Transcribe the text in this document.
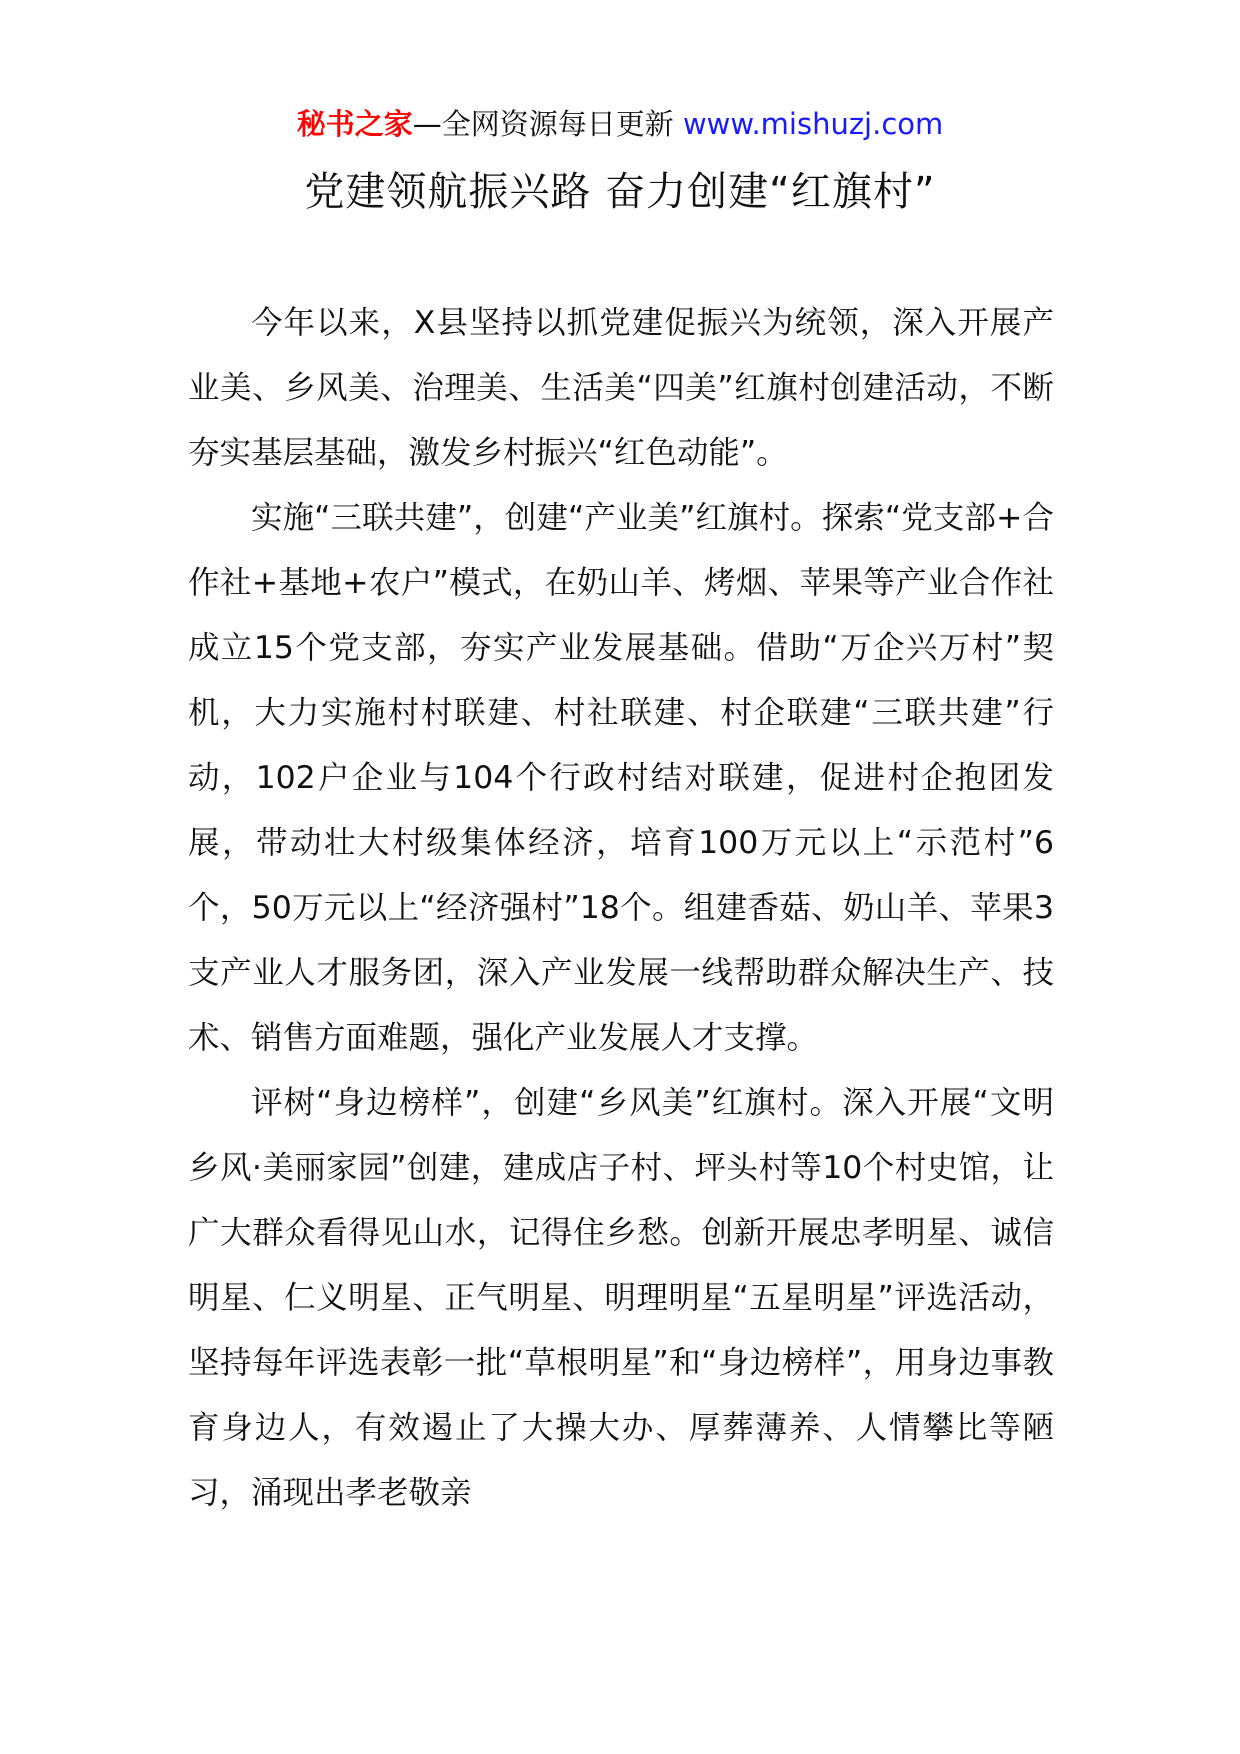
秘书之家—全网资源每日更新 www.mishuzj.com
党建领航振兴路 奋力创建“红旗村”

今年以来，X县坚持以抓党建促振兴为统领，深入开展产业美、乡风美、治理美、生活美“四美”红旗村创建活动，不断夯实基层基础，激发乡村振兴“红色动能”。

实施“三联共建”，创建“产业美”红旗村。探索“党支部+合作社+基地+农户”模式，在奶山羊、烤烟、苹果等产业合作社成立15个党支部，夯实产业发展基础。借助“万企兴万村”契机，大力实施村村联建、村社联建、村企联建“三联共建”行动，102户企业与104个行政村结对联建，促进村企抱团发展，带动壮大村级集体经济，培育100万元以上“示范村”6个，50万元以上“经济强村”18个。组建香菇、奶山羊、苹果3支产业人才服务团，深入产业发展一线帮助群众解决生产、技术、销售方面难题，强化产业发展人才支撑。

评树“身边榜样”，创建“乡风美”红旗村。深入开展“文明乡风·美丽家园”创建，建成店子村、坪头村等10个村史馆，让广大群众看得见山水，记得住乡愁。创新开展忠孝明星、诚信明星、仁义明星、正气明星、明理明星“五星明星”评选活动，坚持每年评选表彰一批“草根明星”和“身边榜样”，用身边事教育身边人，有效遏止了大操大办、厚葬薄养、人情攀比等陋习，涌现出孝老敬亲
